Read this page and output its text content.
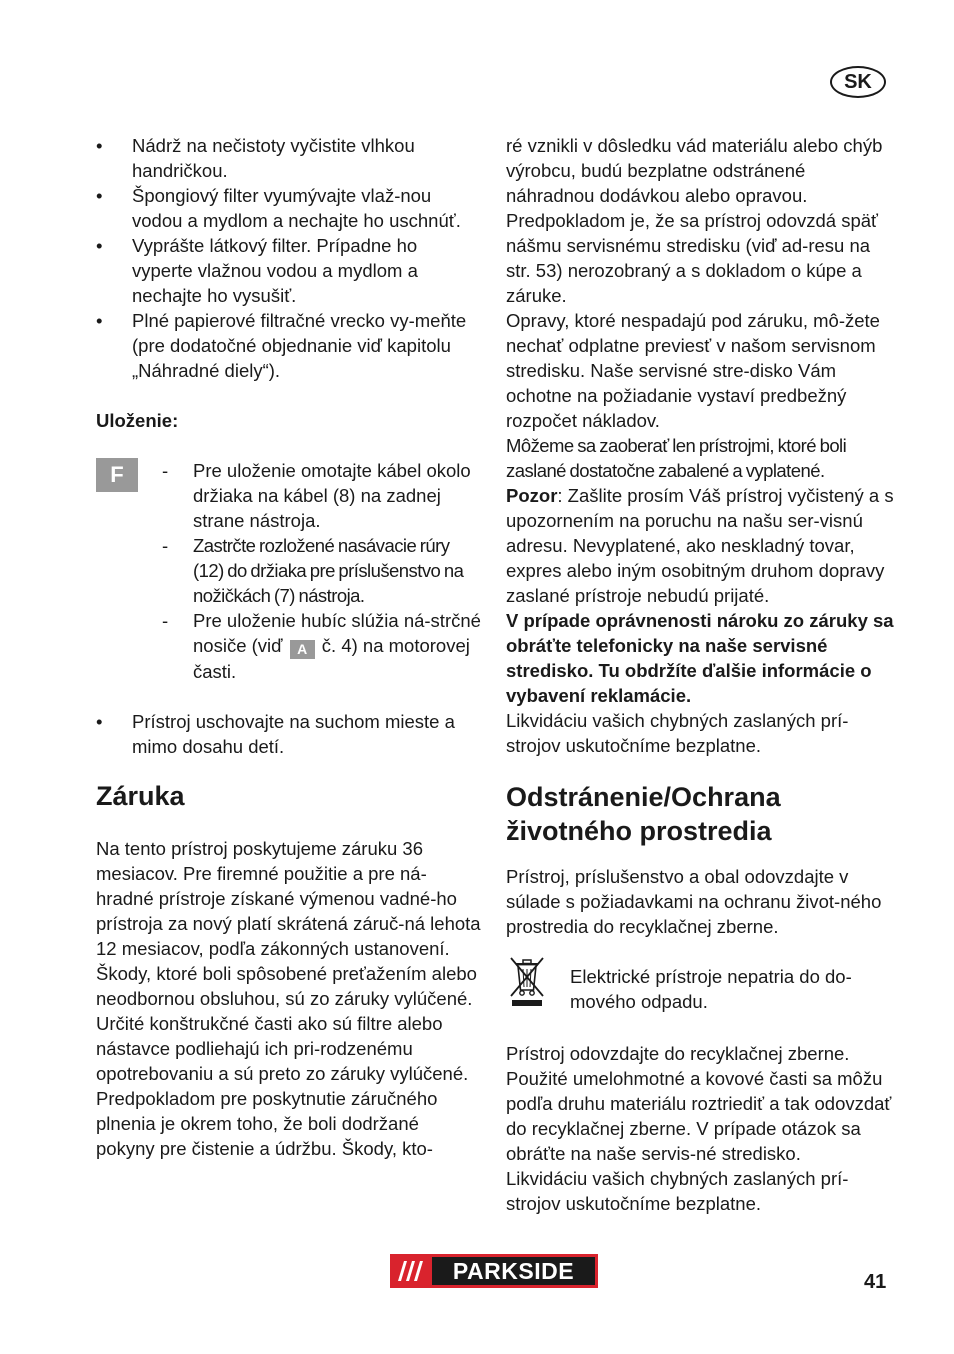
SK
• Nádrž na nečistoty vyčistite vlhkou handričkou.

• Špongiový filter vyumývajte vlaž-nou vodou a mydlom a nechajte ho uschnúť.

• Vyprášte látkový filter. Prípadne ho vyperte vlažnou vodou a mydlom a nechajte ho vysušiť.

• Plné papierové filtračné vrecko vy-meňte (pre dodatočné objednanie viď kapitolu „Náhradné diely“).

Uloženie:

F	- Pre uloženie omotajte kábel okolo držiaka na kábel (8) na zadnej strane nástroja.

- Zastrčte rozložené nasávacie rúry (12) do držiaka pre príslušenstvo na nožičkách (7) nástroja.

- Pre uloženie hubíc slúžia ná-strčné nosiče (viď A č. 4) na motorovej časti.

• Prístroj uschovajte na suchom mieste a mimo dosahu detí.

Záruka

Na tento prístroj poskytujeme záruku 36 mesiacov. Pre firemné použitie a pre ná-hradné prístroje získané výmenou vadné-ho prístroja za nový platí skrátená záruč-ná lehota 12 mesiacov, podľa zákonných ustanovení.

Škody, ktoré boli spôsobené preťažením alebo neodbornou obsluhou, sú zo záruky vylúčené. Určité konštrukčné časti ako sú filtre alebo nástavce podliehajú ich pri-rodzenému opotrebovaniu a sú preto zo záruky vylúčené.

Predpokladom pre poskytnutie záručného plnenia je okrem toho, že boli dodržané pokyny pre čistenie a údržbu. Škody, kto-

ré vznikli v dôsledku vád materiálu alebo chýb výrobcu, budú bezplatne odstránené náhradnou dodávkou alebo opravou. Predpokladom je, že sa prístroj odovzdá späť nášmu servisnému stredisku (viď ad-resu na str. 53) nerozobraný a s dokladom o kúpe a záruke.

Opravy, ktoré nespadajú pod záruku, mô-žete nechať odplatne previesť v našom servisnom stredisku. Naše servisné stre-disko Vám ochotne na požiadanie vystaví predbežný rozpočet nákladov.

Môžeme sa zaoberať len prístrojmi, ktoré boli zaslané dostatočne zabalené a vyplatené.

Pozor: Zašlite prosím Váš prístroj vyčistený a s upozornením na poruchu na našu ser-visnú adresu. Nevyplatené, ako neskladný tovar, expres alebo iným osobitným druhom dopravy zaslané prístroje nebudú prijaté.

V prípade oprávnenosti nároku zo záruky sa obráťte telefonicky na naše servisné stredisko. Tu obdržíte ďalšie informácie o vybavení reklamácie.

Likvidáciu vašich chybných zaslaných prí-strojov uskutočníme bezplatne.

Odstránenie/Ochrana životného prostredia

Prístroj, príslušenstvo a obal odovzdajte v súlade s požiadavkami na ochranu život-ného prostredia do recyklačnej zberne.

Elektrické prístroje nepatria do do-mového odpadu.

Prístroj odovzdajte do recyklačnej zberne. Použité umelohmotné a kovové časti sa môžu podľa druhu materiálu roztriediť a tak odovzdať do recyklačnej zberne. V prípade otázok sa obráťte na naše servis-né stredisko.

Likvidáciu vašich chybných zaslaných prí-strojov uskutočníme bezplatne.

PARKSIDE	41
